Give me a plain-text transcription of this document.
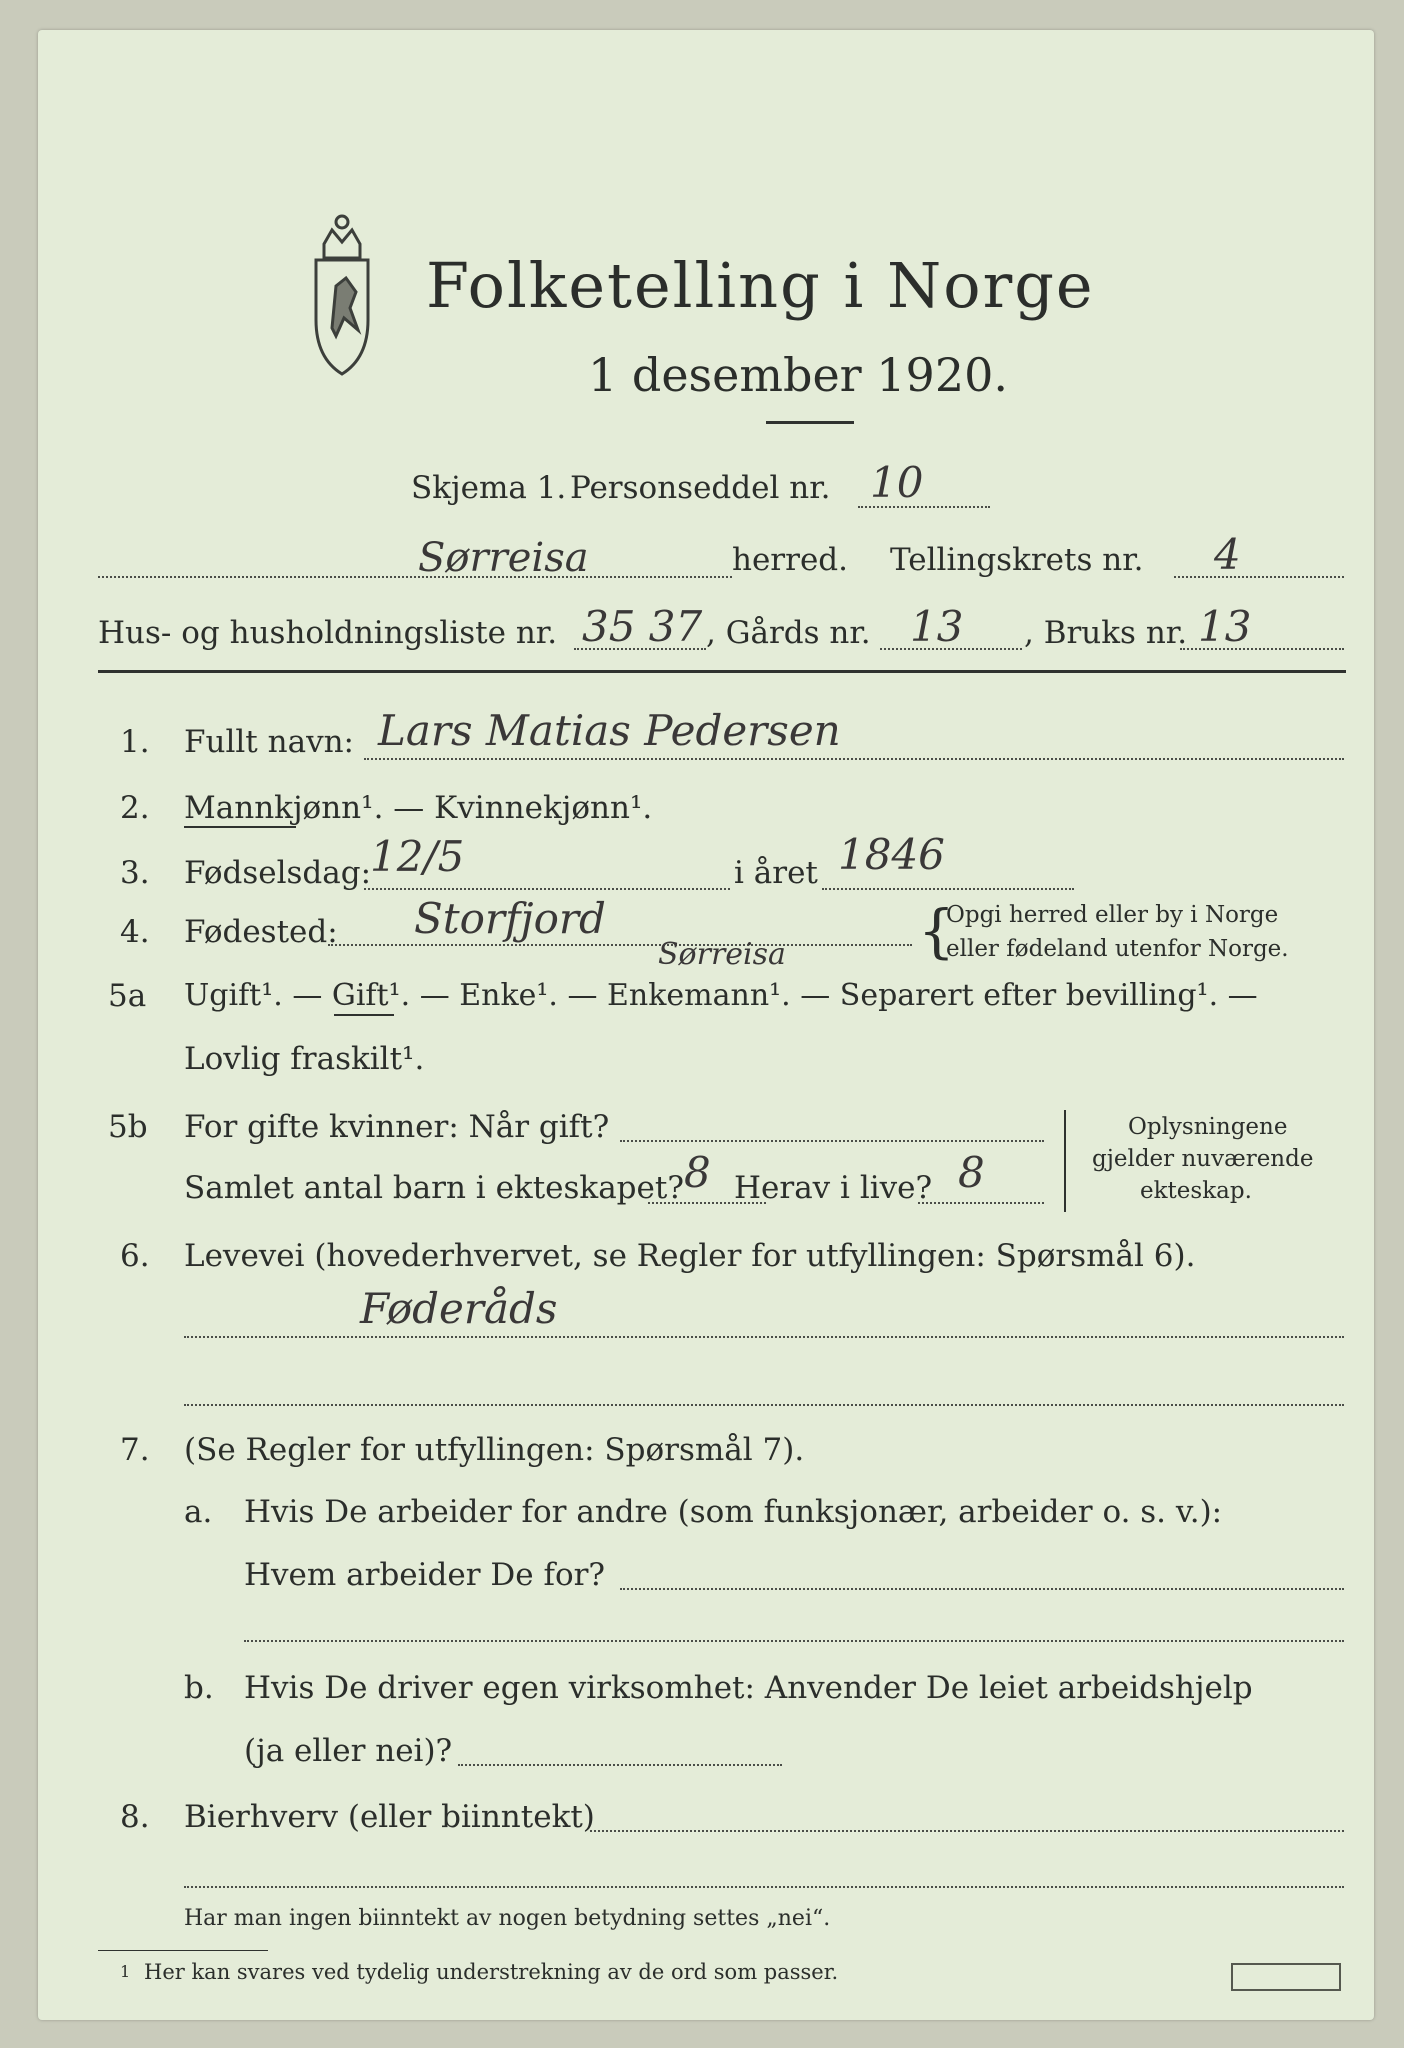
Folketelling i Norge
1 desember 1920.
Skjema 1. Personseddel nr. 10
Sørreisa	herred. Tellingskrets nr. 4
Hus- og husholdningsliste nr. 35 37 , Gårds nr. 13 , Bruks nr. 13
1. Fullt navn: Lars Matias Pedersen
2. Mannkjønn¹. — Kvinnekjønn¹.
3. Fødselsdag:
12/5	i året 1846
4. Fødested: Storfjord
Sørreisa {
Opgi herred eller by i Norge
eller fødeland utenfor Norge.
5a Ugift¹. — Gift¹. — Enke¹. — Enkemann¹. — Separert efter bevilling¹. —
Lovlig fraskilt¹.
5b For gifte kvinner: Når gift?
Samlet antal barn i ekteskapet? 8 Herav i live? 8
Oplysningene
gjelder nuværende
ekteskap.
6. Levevei (hovederhvervet, se Regler for utfyllingen: Spørsmål 6).
Føderåds
7. (Se Regler for utfyllingen: Spørsmål 7).
a. Hvis De arbeider for andre (som funksjonær, arbeider o. s. v.):
Hvem arbeider De for?
b. Hvis De driver egen virksomhet: Anvender De leiet arbeidshjelp
(ja eller nei)?
8. Bierhverv (eller biinntekt)
Har man ingen biinntekt av nogen betydning settes „nei“.
1 Her kan svares ved tydelig understrekning av de ord som passer.
